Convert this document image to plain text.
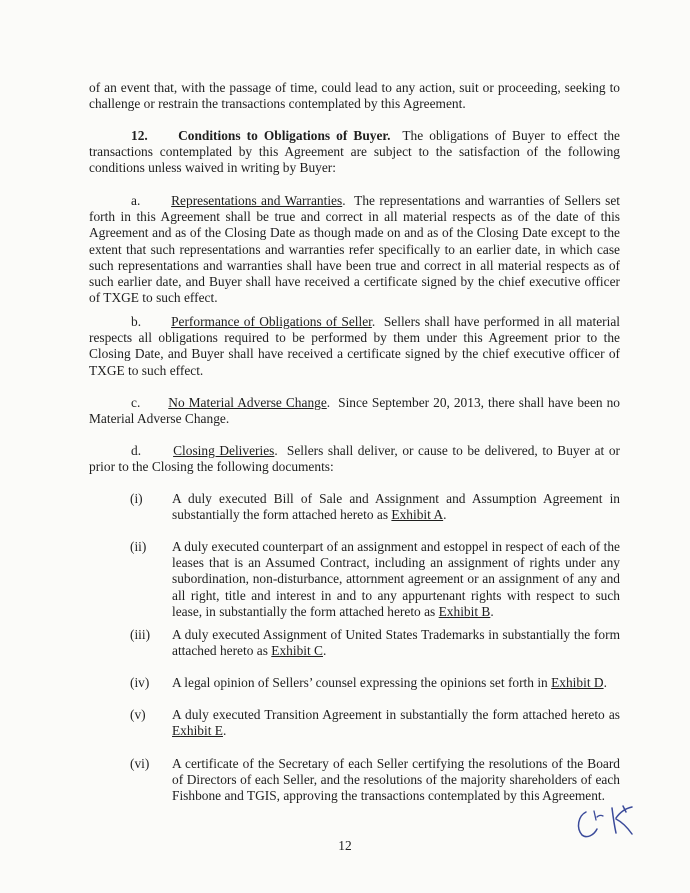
of an event that, with the passage of time, could lead to any action, suit or proceeding, seeking to challenge or restrain the transactions contemplated by this Agreement.

12. Conditions to Obligations of Buyer. The obligations of Buyer to effect the transactions contemplated by this Agreement are subject to the satisfaction of the following conditions unless waived in writing by Buyer:

a. Representations and Warranties.  The representations and warranties of Sellers set forth in this Agreement shall be true and correct in all material respects as of the date of this Agreement and as of the Closing Date as though made on and as of the Closing Date except to the extent that such representations and warranties refer specifically to an earlier date, in which case such representations and warranties shall have been true and correct in all material respects as of such earlier date, and Buyer shall have received a certificate signed by the chief executive officer of TXGE to such effect.

b. Performance of Obligations of Seller.  Sellers shall have performed in all material respects all obligations required to be performed by them under this Agreement prior to the Closing Date, and Buyer shall have received a certificate signed by the chief executive officer of TXGE to such effect.

c. No Material Adverse Change.  Since September 20, 2013, there shall have been no Material Adverse Change.

d. Closing Deliveries.  Sellers shall deliver, or cause to be delivered, to Buyer at or prior to the Closing the following documents:

(i)	A duly executed Bill of Sale and Assignment and Assumption Agreement in substantially the form attached hereto as Exhibit A.

(ii)	A duly executed counterpart of an assignment and estoppel in respect of each of the leases that is an Assumed Contract, including an assignment of rights under any subordination, non-disturbance, attornment agreement or an assignment of any and all right, title and interest in and to any appurtenant rights with respect to such lease, in substantially the form attached hereto as Exhibit B.

(iii)	A duly executed Assignment of United States Trademarks in substantially the form attached hereto as Exhibit C.

(iv)	A legal opinion of Sellers’ counsel expressing the opinions set forth in Exhibit D.

(v)	A duly executed Transition Agreement in substantially the form attached hereto as Exhibit E.

(vi)	A certificate of the Secretary of each Seller certifying the resolutions of the Board of Directors of each Seller, and the resolutions of the majority shareholders of each Fishbone and TGIS, approving the transactions contemplated by this Agreement.

12
